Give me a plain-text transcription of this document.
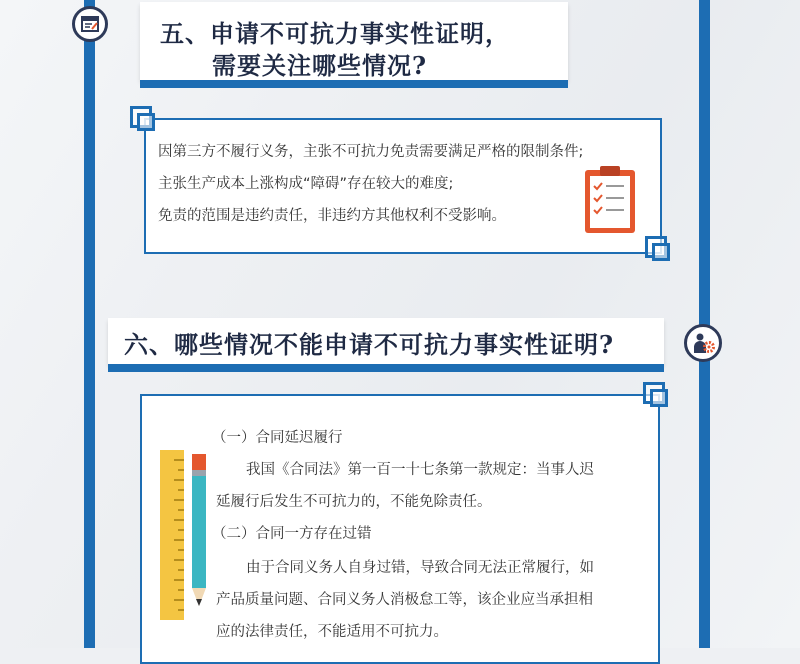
五、申请不可抗力事实性证明，
需要关注哪些情况?
因第三方不履行义务，主张不可抗力免责需要满足严格的限制条件;
主张生产成本上涨构成“障碍”存在较大的难度;
免责的范围是违约责任，非违约方其他权利不受影响。
六、哪些情况不能申请不可抗力事实性证明?
（一）合同延迟履行
我国《合同法》第一百一十七条第一款规定：当事人迟
延履行后发生不可抗力的，不能免除责任。
（二）合同一方存在过错
由于合同义务人自身过错，导致合同无法正常履行，如
产品质量问题、合同义务人消极怠工等，该企业应当承担相
应的法律责任，不能适用不可抗力。
